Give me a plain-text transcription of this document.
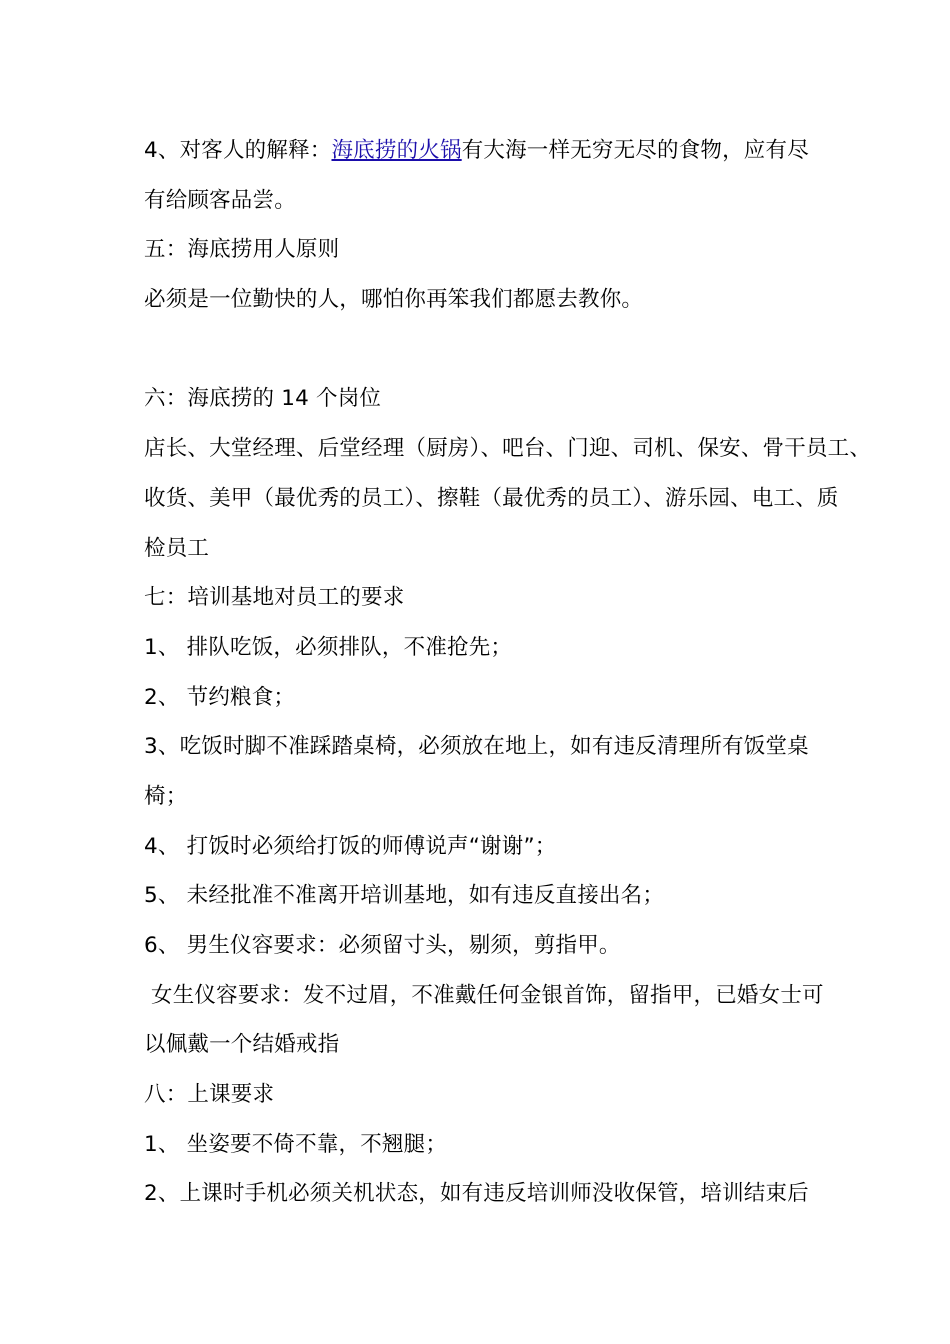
4、对客人的解释：海底捞的火锅有大海一样无穷无尽的食物，应有尽
有给顾客品尝。
五：海底捞用人原则
必须是一位勤快的人，哪怕你再笨我们都愿去教你。
六：海底捞的 14 个岗位
店长、大堂经理、后堂经理（厨房）、吧台、门迎、司机、保安、骨干员工、
收货、美甲（最优秀的员工）、擦鞋（最优秀的员工）、游乐园、电工、质
检员工
七：培训基地对员工的要求
1、 排队吃饭，必须排队，不准抢先；
2、 节约粮食；
3、吃饭时脚不准踩踏桌椅，必须放在地上，如有违反清理所有饭堂桌
椅；
4、 打饭时必须给打饭的师傅说声“谢谢”；
5、 未经批准不准离开培训基地，如有违反直接出名；
6、 男生仪容要求：必须留寸头，剔须，剪指甲。
女生仪容要求：发不过眉，不准戴任何金银首饰，留指甲，已婚女士可
以佩戴一个结婚戒指
八：上课要求
1、 坐姿要不倚不靠，不翘腿；
2、上课时手机必须关机状态，如有违反培训师没收保管，培训结束后
